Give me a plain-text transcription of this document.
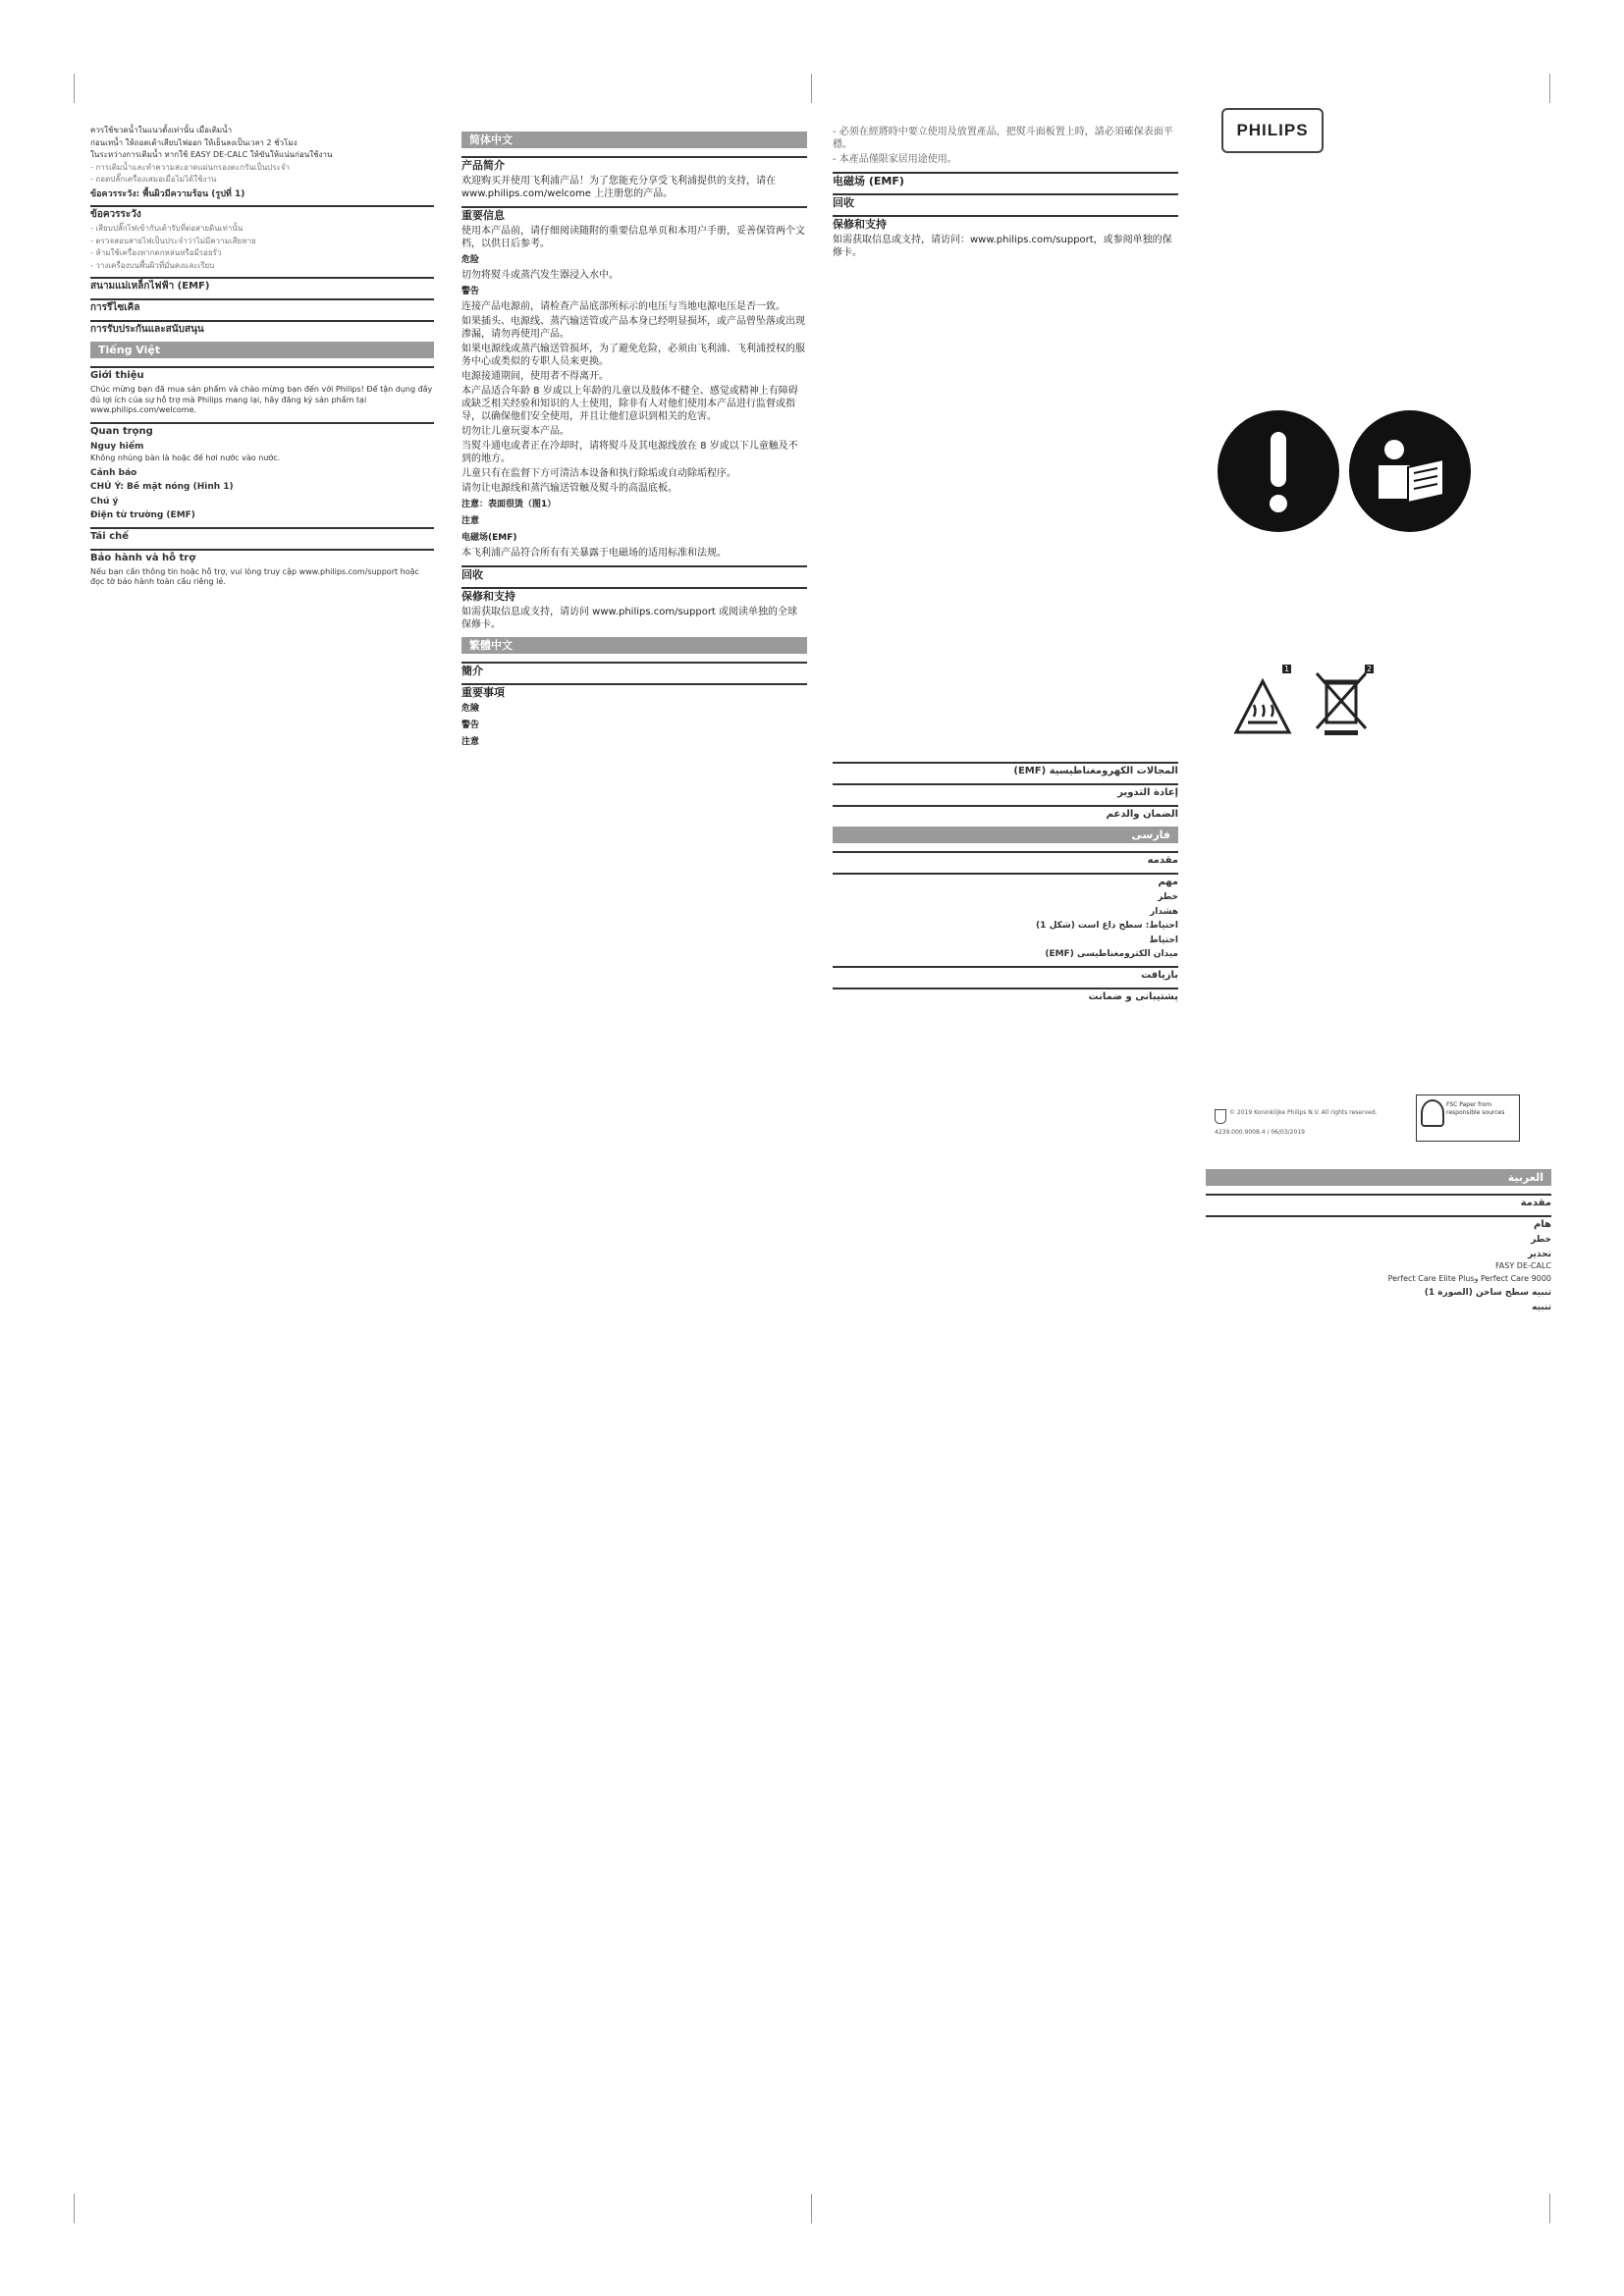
ควรใช้ขวดน้ำในแนวตั้งเท่านั้น เมื่อเติมน้ำ

ก่อนเทน้ำ ให้ถอดเต้าเสียบไฟออก ให้เย็นลงเป็นเวลา 2 ชั่วโมง

ในระหว่างการเติมน้ำ หากใช้ EASY DE-CALC ให้ขันให้แน่นก่อนใช้งาน

- การเติมน้ำและทำความสะอาดแผ่นกรองตะกรันเป็นประจำ

- ถอดปลั๊กเครื่องเสมอเมื่อไม่ได้ใช้งาน

ข้อควรระวัง: พื้นผิวมีความร้อน (รูปที่ 1)
ข้อควรระวัง

- เสียบปลั๊กไฟเข้ากับเต้ารับที่ต่อสายดินเท่านั้น

- ตรวจสอบสายไฟเป็นประจำว่าไม่มีความเสียหาย

- ห้ามใช้เครื่องหากตกหล่นหรือมีรอยรั่ว

- วางเครื่องบนพื้นผิวที่มั่นคงและเรียบ

สนามแม่เหล็กไฟฟ้า (EMF)
การรีไซเคิล
การรับประกันและสนับสนุน
Tiếng Việt
Giới thiệu

Chúc mừng bạn đã mua sản phẩm và chào mừng bạn đến với Philips! Để tận dụng đầy đủ lợi ích của sự hỗ trợ mà Philips mang lại, hãy đăng ký sản phẩm tại www.philips.com/welcome.

Quan trọng
Nguy hiểm

Không nhúng bàn là hoặc đế hơi nước vào nước.

Cảnh báo
CHÚ Ý: Bề mặt nóng (Hình 1)
Chú ý
Điện từ trường (EMF)
Tái chế
Bảo hành và hỗ trợ

Nếu bạn cần thông tin hoặc hỗ trợ, vui lòng truy cập www.philips.com/support hoặc đọc tờ bảo hành toàn cầu riêng lẻ.

简体中文
产品简介

欢迎购买并使用飞利浦产品！为了您能充分享受飞利浦提供的支持，请在 www.philips.com/welcome 上注册您的产品。

重要信息

使用本产品前，请仔细阅读随附的重要信息单页和本用户手册，妥善保管两个文档，以供日后参考。

危险

切勿将熨斗或蒸汽发生器浸入水中。

警告

连接产品电源前，请检查产品底部所标示的电压与当地电源电压是否一致。

如果插头、电源线、蒸汽输送管或产品本身已经明显损坏，或产品曾坠落或出现渗漏，请勿再使用产品。

如果电源线或蒸汽输送管损坏，为了避免危险，必须由飞利浦、飞利浦授权的服务中心或类似的专职人员来更换。

电源接通期间，使用者不得离开。

本产品适合年龄 8 岁或以上年龄的儿童以及肢体不健全、感觉或精神上有障碍或缺乏相关经验和知识的人士使用，除非有人对他们使用本产品进行监督或指导，以确保他们安全使用，并且让他们意识到相关的危害。

切勿让儿童玩耍本产品。

当熨斗通电或者正在冷却时，请将熨斗及其电源线放在 8 岁或以下儿童触及不到的地方。

儿童只有在监督下方可清洁本设备和执行除垢或自动除垢程序。

请勿让电源线和蒸汽输送管触及熨斗的高温底板。

注意：表面很烫（图1）
注意
电磁场(EMF)

本飞利浦产品符合所有有关暴露于电磁场的适用标准和法规。

回收
保修和支持

如需获取信息或支持，请访问 www.philips.com/support 或阅读单独的全球保修卡。

繁體中文
簡介
重要事項
危險
警告
注意

- 必须在經將時中要立使用及放置產品，把熨斗面板置上時，請必須確保表面平穩。

- 本產品僅限家居用途使用。

电磁场 (EMF)
回收
保修和支持

如需获取信息或支持，请访问：www.philips.com/support，或参阅单独的保修卡。

المجالات الكهرومغناطيسية (EMF)
إعادة التدوير
الضمان والدعم
فارسی
مقدمه
مهم
خطر
هشدار
احتیاط: سطح داغ است (شکل 1)
احتیاط
میدان الکترومغناطیسی (EMF)
بازیافت
پشتیبانی و ضمانت
PHILIPS
1	2
© 2019 Koninklijke Philips N.V. All rights reserved.
4239.000.9008.4 / 06/03/2019
FSC Paper from responsible sources
العربية
مقدمة
هام
خطر
تحذير

FASY DE-CALC

Perfect Care 9000 وPerfect Care Elite Plus

تنبيه سطح ساخن (الصورة 1)
تنبيه
